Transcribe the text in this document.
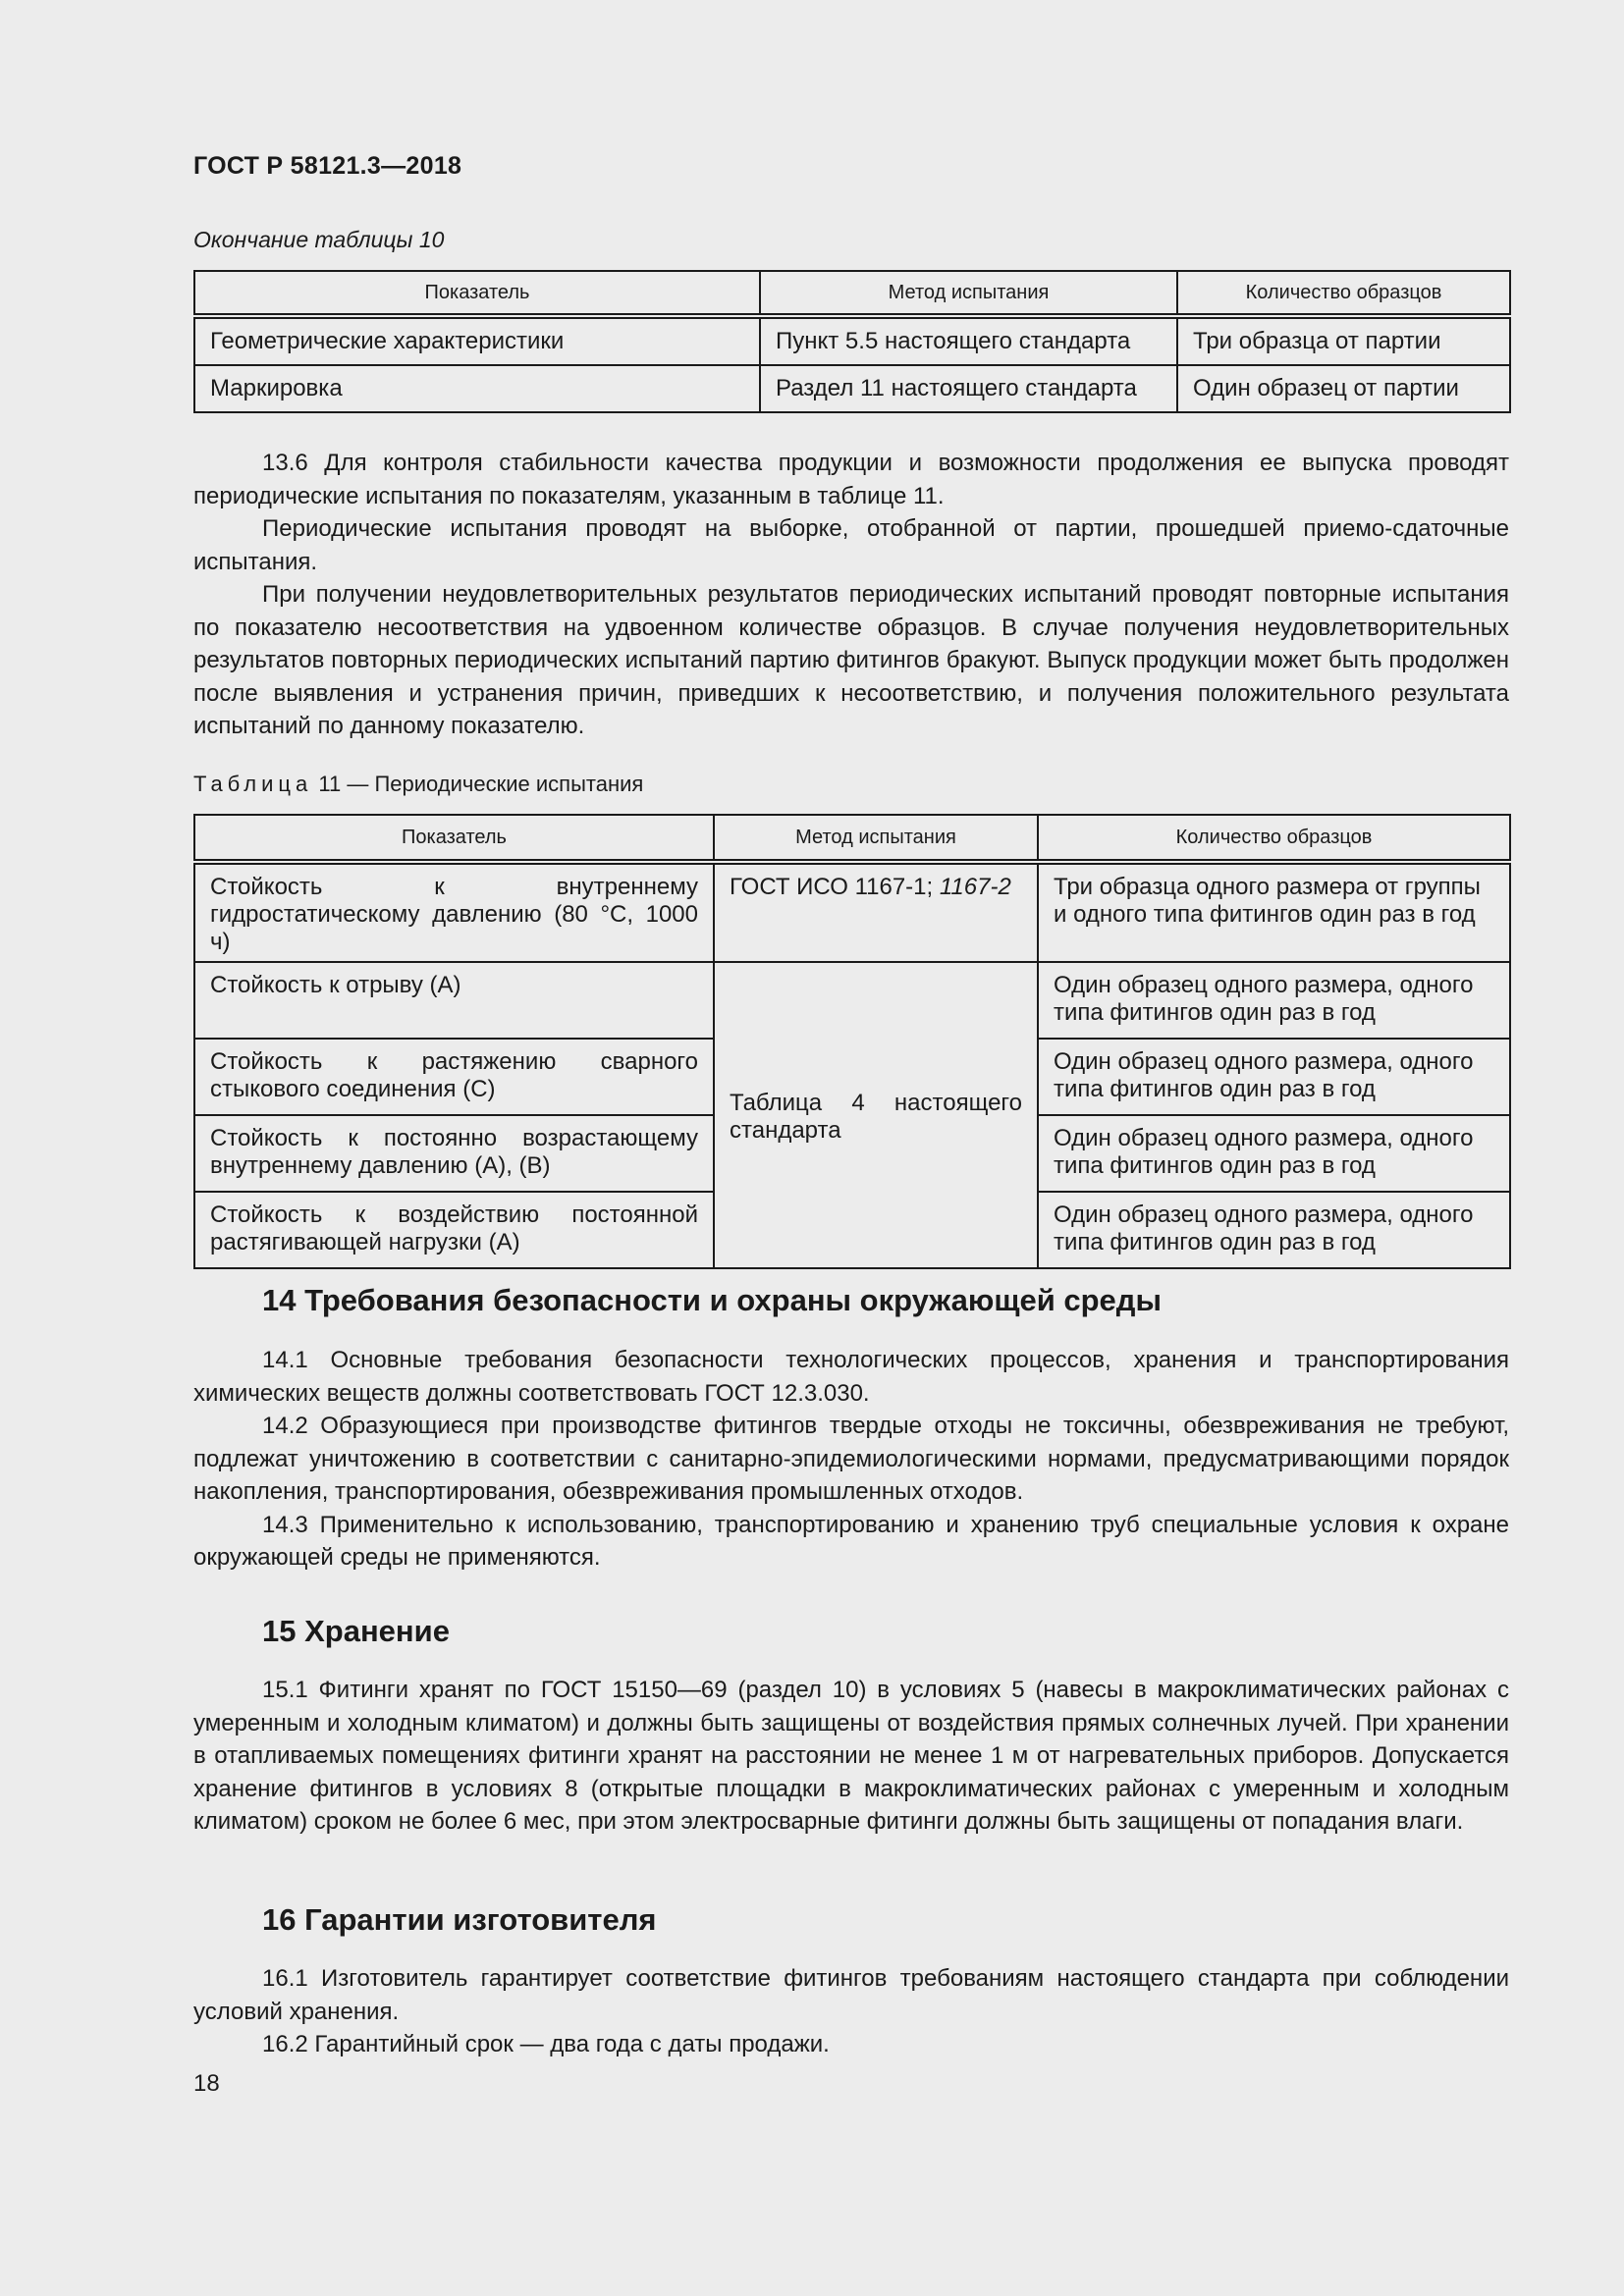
ГОСТ Р 58121.3—2018
Окончание таблицы 10
Показатель	Метод испытания	Количество образцов
Геометрические характеристики	Пункт 5.5 настоящего стандарта	Три образца от партии
Маркировка	Раздел 11 настоящего стандарта	Один образец от партии

13.6 Для контроля стабильности качества продукции и возможности продолжения ее выпуска проводят периодические испытания по показателям, указанным в таблице 11.

Периодические испытания проводят на выборке, отобранной от партии, прошедшей приемо-сдаточные испытания.

При получении неудовлетворительных результатов периодических испытаний проводят повторные испытания по показателю несоответствия на удвоенном количестве образцов. В случае получения неудовлетворительных результатов повторных периодических испытаний партию фитингов бракуют. Выпуск продукции может быть продолжен после выявления и устранения причин, приведших к несоответствию, и получения положительного результата испытаний по данному показателю.

Таблица 11 — Периодические испытания
Показатель	Метод испытания	Количество образцов
Стойкость к внутреннему гидростатическому давлению (80 °С, 1000 ч)	ГОСТ ИСО 1167-1; 1167-2	Три образца одного размера от группы и одного типа фитингов один раз в год
Стойкость к отрыву (А)	Таблица 4 настоящего стандарта	Один образец одного размера, одного типа фитингов один раз в год
Стойкость к растяжению сварного стыкового соединения (С)		Один образец одного размера, одного типа фитингов один раз в год
Стойкость к постоянно возрастающему внутреннему давлению (А), (В)		Один образец одного размера, одного типа фитингов один раз в год
Стойкость к воздействию постоянной растягивающей нагрузки (А)		Один образец одного размера, одного типа фитингов один раз в год
14 Требования безопасности и охраны окружающей среды

14.1 Основные требования безопасности технологических процессов, хранения и транспортирования химических веществ должны соответствовать ГОСТ 12.3.030.

14.2 Образующиеся при производстве фитингов твердые отходы не токсичны, обезвреживания не требуют, подлежат уничтожению в соответствии с санитарно-эпидемиологическими нормами, предусматривающими порядок накопления, транспортирования, обезвреживания промышленных отходов.

14.3 Применительно к использованию, транспортированию и хранению труб специальные условия к охране окружающей среды не применяются.

15 Хранение

15.1 Фитинги хранят по ГОСТ 15150—69 (раздел 10) в условиях 5 (навесы в макроклиматических районах с умеренным и холодным климатом) и должны быть защищены от воздействия прямых солнечных лучей. При хранении в отапливаемых помещениях фитинги хранят на расстоянии не менее 1 м от нагревательных приборов. Допускается хранение фитингов в условиях 8 (открытые площадки в макроклиматических районах с умеренным и холодным климатом) сроком не более 6 мес, при этом электросварные фитинги должны быть защищены от попадания влаги.

16 Гарантии изготовителя

16.1 Изготовитель гарантирует соответствие фитингов требованиям настоящего стандарта при соблюдении условий хранения.

16.2 Гарантийный срок — два года с даты продажи.

18
